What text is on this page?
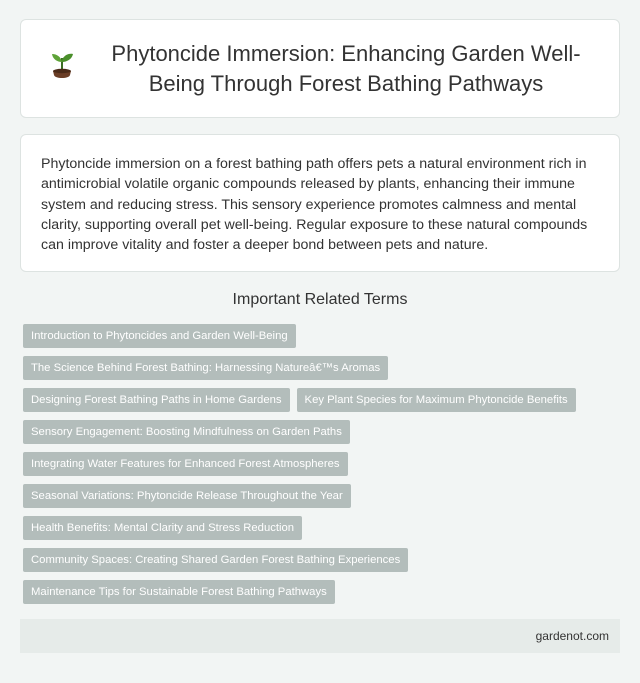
Phytoncide Immersion: Enhancing Garden Well-Being Through Forest Bathing Pathways

Phytoncide immersion on a forest bathing path offers pets a natural environment rich in antimicrobial volatile organic compounds released by plants, enhancing their immune system and reducing stress. This sensory experience promotes calmness and mental clarity, supporting overall pet well-being. Regular exposure to these natural compounds can improve vitality and foster a deeper bond between pets and nature.

Important Related Terms
Introduction to Phytoncides and Garden Well-Being
The Science Behind Forest Bathing: Harnessing Natureâ€™s Aromas
Designing Forest Bathing Paths in Home Gardens	Key Plant Species for Maximum Phytoncide Benefits
Sensory Engagement: Boosting Mindfulness on Garden Paths
Integrating Water Features for Enhanced Forest Atmospheres
Seasonal Variations: Phytoncide Release Throughout the Year
Health Benefits: Mental Clarity and Stress Reduction
Community Spaces: Creating Shared Garden Forest Bathing Experiences
Maintenance Tips for Sustainable Forest Bathing Pathways
gardenot.com
